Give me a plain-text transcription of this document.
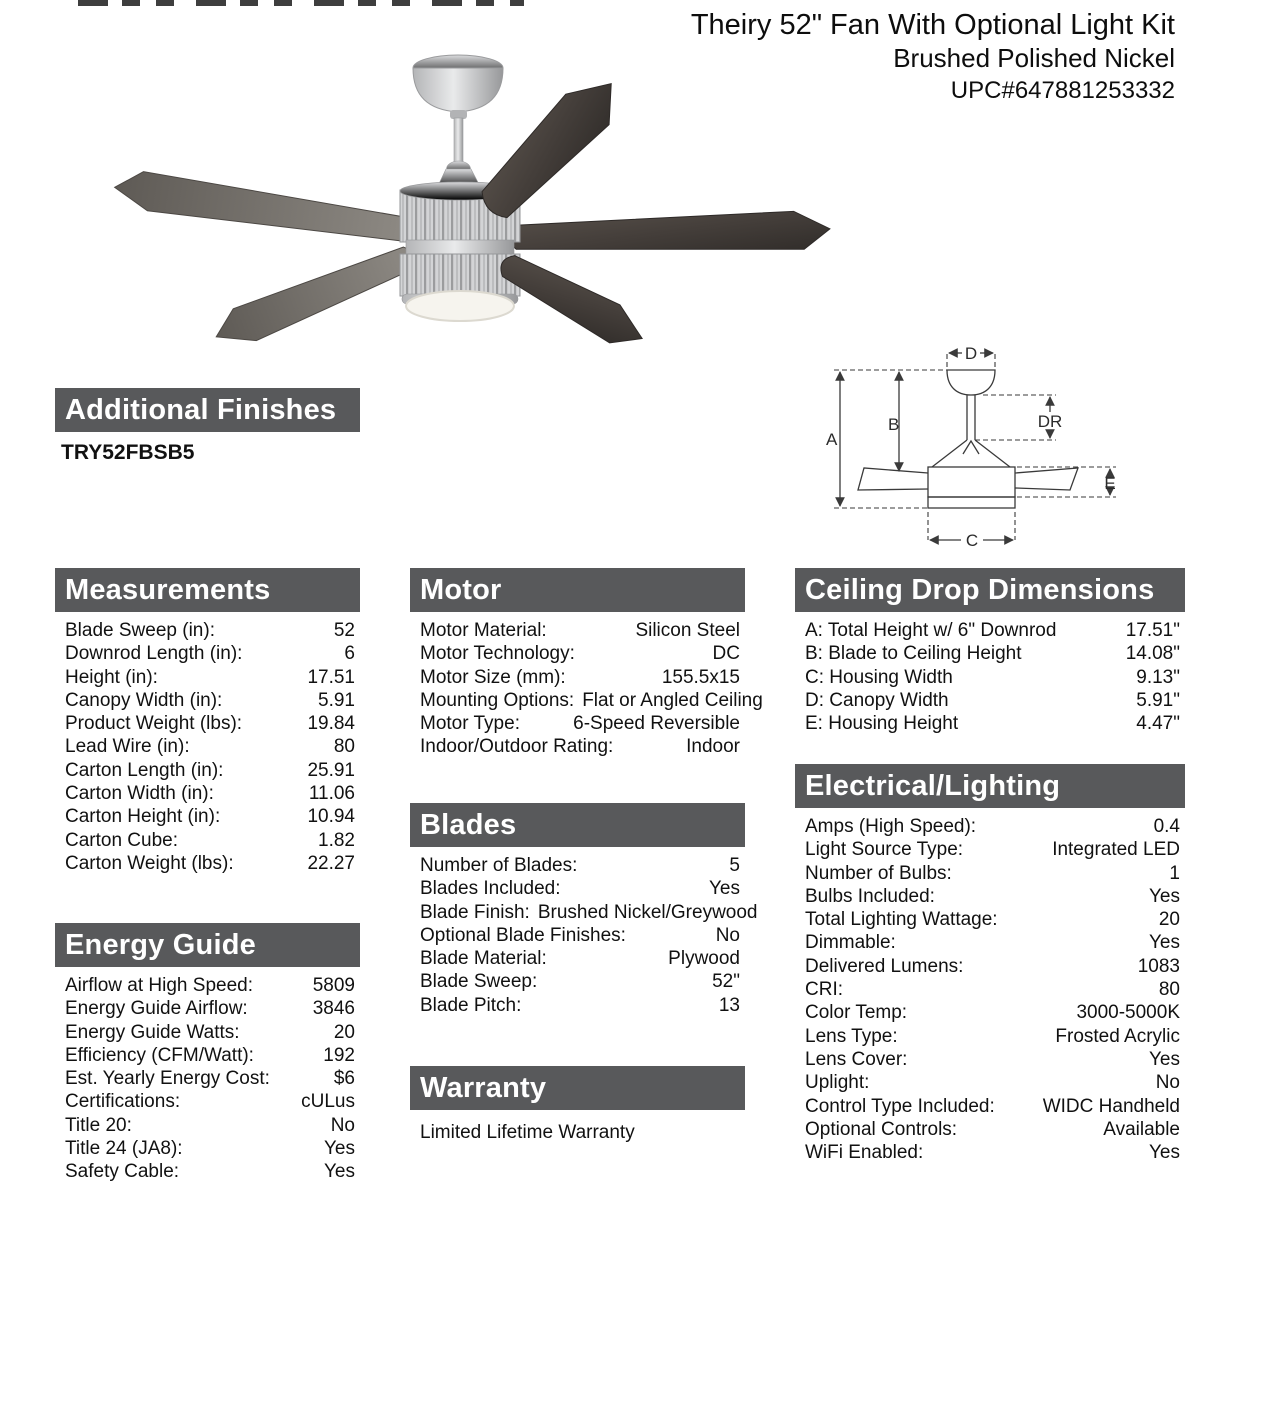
Theiry 52" Fan With Optional Light Kit
Brushed Polished Nickel
UPC#647881253332
A
B
D
DR
E
C
Additional Finishes
TRY52FBSB5
Measurements
Blade Sweep (in):	52
Downrod Length (in):	6
Height (in):	17.51
Canopy Width (in):	5.91
Product Weight (lbs):	19.84
Lead Wire (in):	80
Carton Length (in):	25.91
Carton Width (in):	11.06
Carton Height (in):	10.94
Carton Cube:	1.82
Carton Weight (lbs):	22.27
Energy Guide
Airflow at High Speed:	5809
Energy Guide Airflow:	3846
Energy Guide Watts:	20
Efficiency (CFM/Watt):	192
Est. Yearly Energy Cost:	$6
Certifications:	cULus
Title 20:	No
Title 24 (JA8):	Yes
Safety Cable:	Yes
Motor
Motor Material:	Silicon Steel
Motor Technology:	DC
Motor Size (mm):	155.5x15
Mounting Options: Flat or Angled Ceiling
Motor Type:	6-Speed Reversible
Indoor/Outdoor Rating:	Indoor
Blades
Number of Blades:	5
Blades Included:	Yes
Blade Finish: Brushed Nickel/Greywood
Optional Blade Finishes:	No
Blade Material:	Plywood
Blade Sweep:	52"
Blade Pitch:	13
Warranty
Limited Lifetime Warranty
Ceiling Drop Dimensions
A: Total Height w/ 6" Downrod	17.51"
B: Blade to Ceiling Height	14.08"
C: Housing Width	9.13"
D: Canopy Width	5.91"
E: Housing Height	4.47"
Electrical/Lighting
Amps (High Speed):	0.4
Light Source Type:	Integrated LED
Number of Bulbs:	1
Bulbs Included:	Yes
Total Lighting Wattage:	20
Dimmable:	Yes
Delivered Lumens:	1083
CRI:	80
Color Temp:	3000-5000K
Lens Type:	Frosted Acrylic
Lens Cover:	Yes
Uplight:	No
Control Type Included:	WIDC Handheld
Optional Controls:	Available
WiFi Enabled:	Yes
